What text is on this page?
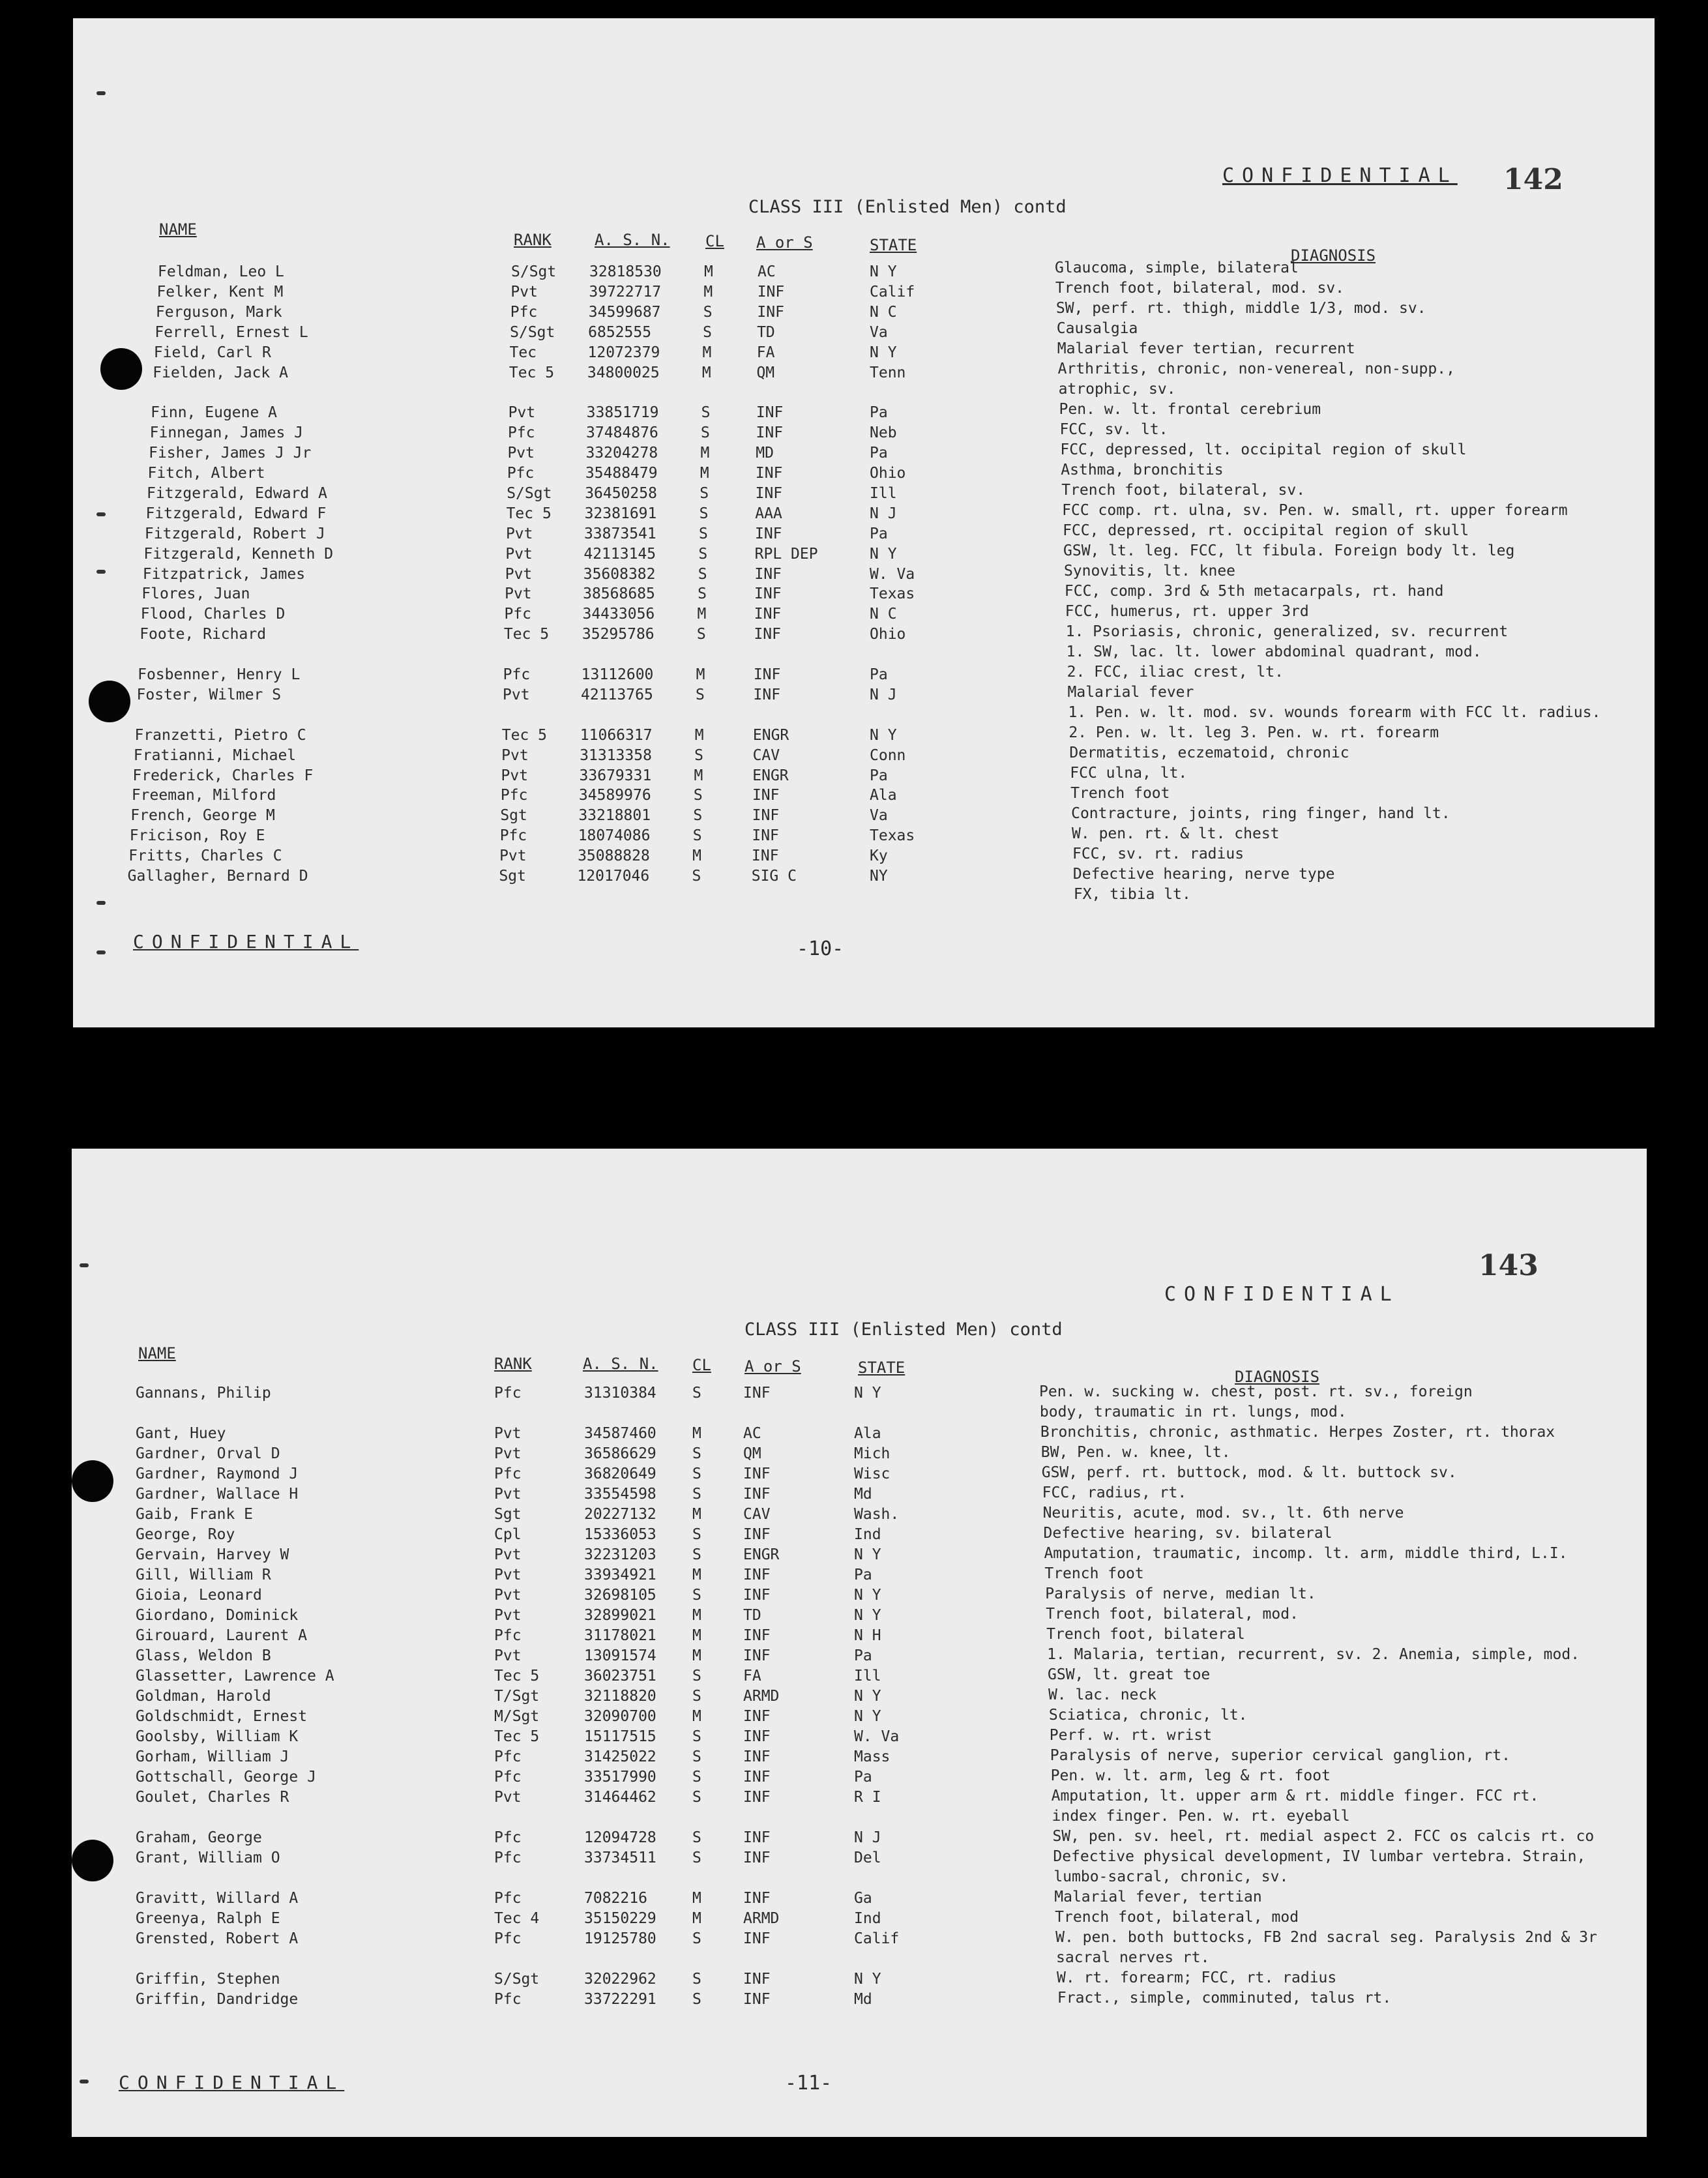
CONFIDENTIAL 142
CLASS III (Enlisted Men) contd
NAME
RANK	A. S. N. CL A or S	STATE
DIAGNOSIS
Feldman, Leo L	S/Sgt 32818530	M	AC	N Y	Glaucoma, simple, bilateral
Felker, Kent M	Pvt	39722717	M	INF	Calif	Trench foot, bilateral, mod. sv.
Ferguson, Mark	Pfc	34599687	S	INF	N C	SW, perf. rt. thigh, middle 1/3, mod. sv.
Ferrell, Ernest L	S/Sgt 6852555	S	TD	Va	Causalgia
Field, Carl R	Tec	12072379	M	FA	N Y	Malarial fever tertian, recurrent
Fielden, Jack A	Tec 5 34800025	M	QM	Tenn	Arthritis, chronic, non-venereal, non-supp.,
atrophic, sv.
Finn, Eugene A	Pvt	33851719	S	INF	Pa	Pen. w. lt. frontal cerebrium
Finnegan, James J	Pfc	37484876	S	INF	Neb	FCC, sv. lt.
Fisher, James J Jr	Pvt	33204278	M	MD	Pa	FCC, depressed, lt. occipital region of skull
Fitch, Albert	Pfc	35488479	M	INF	Ohio	Asthma, bronchitis
Fitzgerald, Edward A	S/Sgt 36450258	S	INF	Ill	Trench foot, bilateral, sv.
Fitzgerald, Edward F	Tec 5 32381691	S	AAA	N J	FCC comp. rt. ulna, sv. Pen. w. small, rt. upper forearm
Fitzgerald, Robert J	Pvt	33873541	S	INF	Pa	FCC, depressed, rt. occipital region of skull
Fitzgerald, Kenneth D	Pvt	42113145	S	RPL DEP	N Y	GSW, lt. leg. FCC, lt fibula. Foreign body lt. leg
Fitzpatrick, James	Pvt	35608382	S	INF	W. Va	Synovitis, lt. knee
Flores, Juan	Pvt	38568685	S	INF	Texas	FCC, comp. 3rd & 5th metacarpals, rt. hand
Flood, Charles D	Pfc	34433056	M	INF	N C	FCC, humerus, rt. upper 3rd
Foote, Richard	Tec 5 35295786	S	INF	Ohio	1. Psoriasis, chronic, generalized, sv. recurrent
1. SW, lac. lt. lower abdominal quadrant, mod.
Fosbenner, Henry L	Pfc	13112600	M	INF	Pa	2. FCC, iliac crest, lt.
Foster, Wilmer S	Pvt	42113765	S	INF	N J	Malarial fever
1. Pen. w. lt. mod. sv. wounds forearm with FCC lt. radius.
Franzetti, Pietro C	Tec 5 11066317	M	ENGR	N Y	2. Pen. w. lt. leg 3. Pen. w. rt. forearm
Fratianni, Michael	Pvt	31313358	S	CAV	Conn	Dermatitis, eczematoid, chronic
Frederick, Charles F	Pvt	33679331	M	ENGR	Pa	FCC ulna, lt.
Freeman, Milford	Pfc	34589976	S	INF	Ala	Trench foot
French, George M	Sgt	33218801	S	INF	Va	Contracture, joints, ring finger, hand lt.
Fricison, Roy E	Pfc	18074086	S	INF	Texas	W. pen. rt. & lt. chest
Fritts, Charles C	Pvt	35088828	M	INF	Ky	FCC, sv. rt. radius
Gallagher, Bernard D	Sgt	12017046	S	SIG C	NY	Defective hearing, nerve type
FX, tibia lt.
CONFIDENTIAL	-10-
CONFIDENTIAL
143
CLASS III (Enlisted Men) contd
NAME
RANK	A. S. N. CL A or S	STATE	DIAGNOSIS
Gannans, Philip	Pfc	31310384 S	INF	N Y	Pen. w. sucking w. chest, post. rt. sv., foreign
body, traumatic in rt. lungs, mod.
Gant, Huey	Pvt	34587460 M	AC	Ala	Bronchitis, chronic, asthmatic. Herpes Zoster, rt. thorax
Gardner, Orval D	Pvt	36586629 S	QM	Mich	BW, Pen. w. knee, lt.
Gardner, Raymond J	Pfc	36820649 S	INF	Wisc	GSW, perf. rt. buttock, mod. & lt. buttock sv.
Gardner, Wallace H	Pvt	33554598 S	INF	Md	FCC, radius, rt.
Gaib, Frank E	Sgt	20227132 M	CAV	Wash.	Neuritis, acute, mod. sv., lt. 6th nerve
George, Roy	Cpl	15336053 S	INF	Ind	Defective hearing, sv. bilateral
Gervain, Harvey W	Pvt	32231203 S	ENGR	N Y	Amputation, traumatic, incomp. lt. arm, middle third, L.I.
Gill, William R	Pvt	33934921 M	INF	Pa	Trench foot
Gioia, Leonard	Pvt	32698105 S	INF	N Y	Paralysis of nerve, median lt.
Giordano, Dominick	Pvt	32899021 M	TD	N Y	Trench foot, bilateral, mod.
Girouard, Laurent A	Pfc	31178021 M	INF	N H	Trench foot, bilateral
Glass, Weldon B	Pvt	13091574 M	INF	Pa	1. Malaria, tertian, recurrent, sv. 2. Anemia, simple, mod.
Glassetter, Lawrence A	Tec 5	36023751 S	FA	Ill	GSW, lt. great toe
Goldman, Harold	T/Sgt	32118820 S	ARMD	N Y	W. lac. neck
Goldschmidt, Ernest	M/Sgt	32090700 M	INF	N Y	Sciatica, chronic, lt.
Goolsby, William K	Tec 5	15117515 S	INF	W. Va	Perf. w. rt. wrist
Gorham, William J	Pfc	31425022 S	INF	Mass	Paralysis of nerve, superior cervical ganglion, rt.
Gottschall, George J	Pfc	33517990 S	INF	Pa	Pen. w. lt. arm, leg & rt. foot
Goulet, Charles R	Pvt	31464462 S	INF	R I	Amputation, lt. upper arm & rt. middle finger. FCC rt.
index finger. Pen. w. rt. eyeball
Graham, George	Pfc	12094728 S	INF	N J	SW, pen. sv. heel, rt. medial aspect 2. FCC os calcis rt. co
Grant, William O	Pfc	33734511 S	INF	Del	Defective physical development, IV lumbar vertebra. Strain,
lumbo-sacral, chronic, sv.
Gravitt, Willard A	Pfc	7082216	M	INF	Ga	Malarial fever, tertian
Greenya, Ralph E	Tec 4	35150229 M	ARMD	Ind	Trench foot, bilateral, mod
Grensted, Robert A	Pfc	19125780 S	INF	Calif	W. pen. both buttocks, FB 2nd sacral seg. Paralysis 2nd & 3r
sacral nerves rt.
Griffin, Stephen	S/Sgt	32022962 S	INF	N Y	W. rt. forearm; FCC, rt. radius
Griffin, Dandridge	Pfc	33722291 S	INF	Md	Fract., simple, comminuted, talus rt.
CONFIDENTIAL	-11-
